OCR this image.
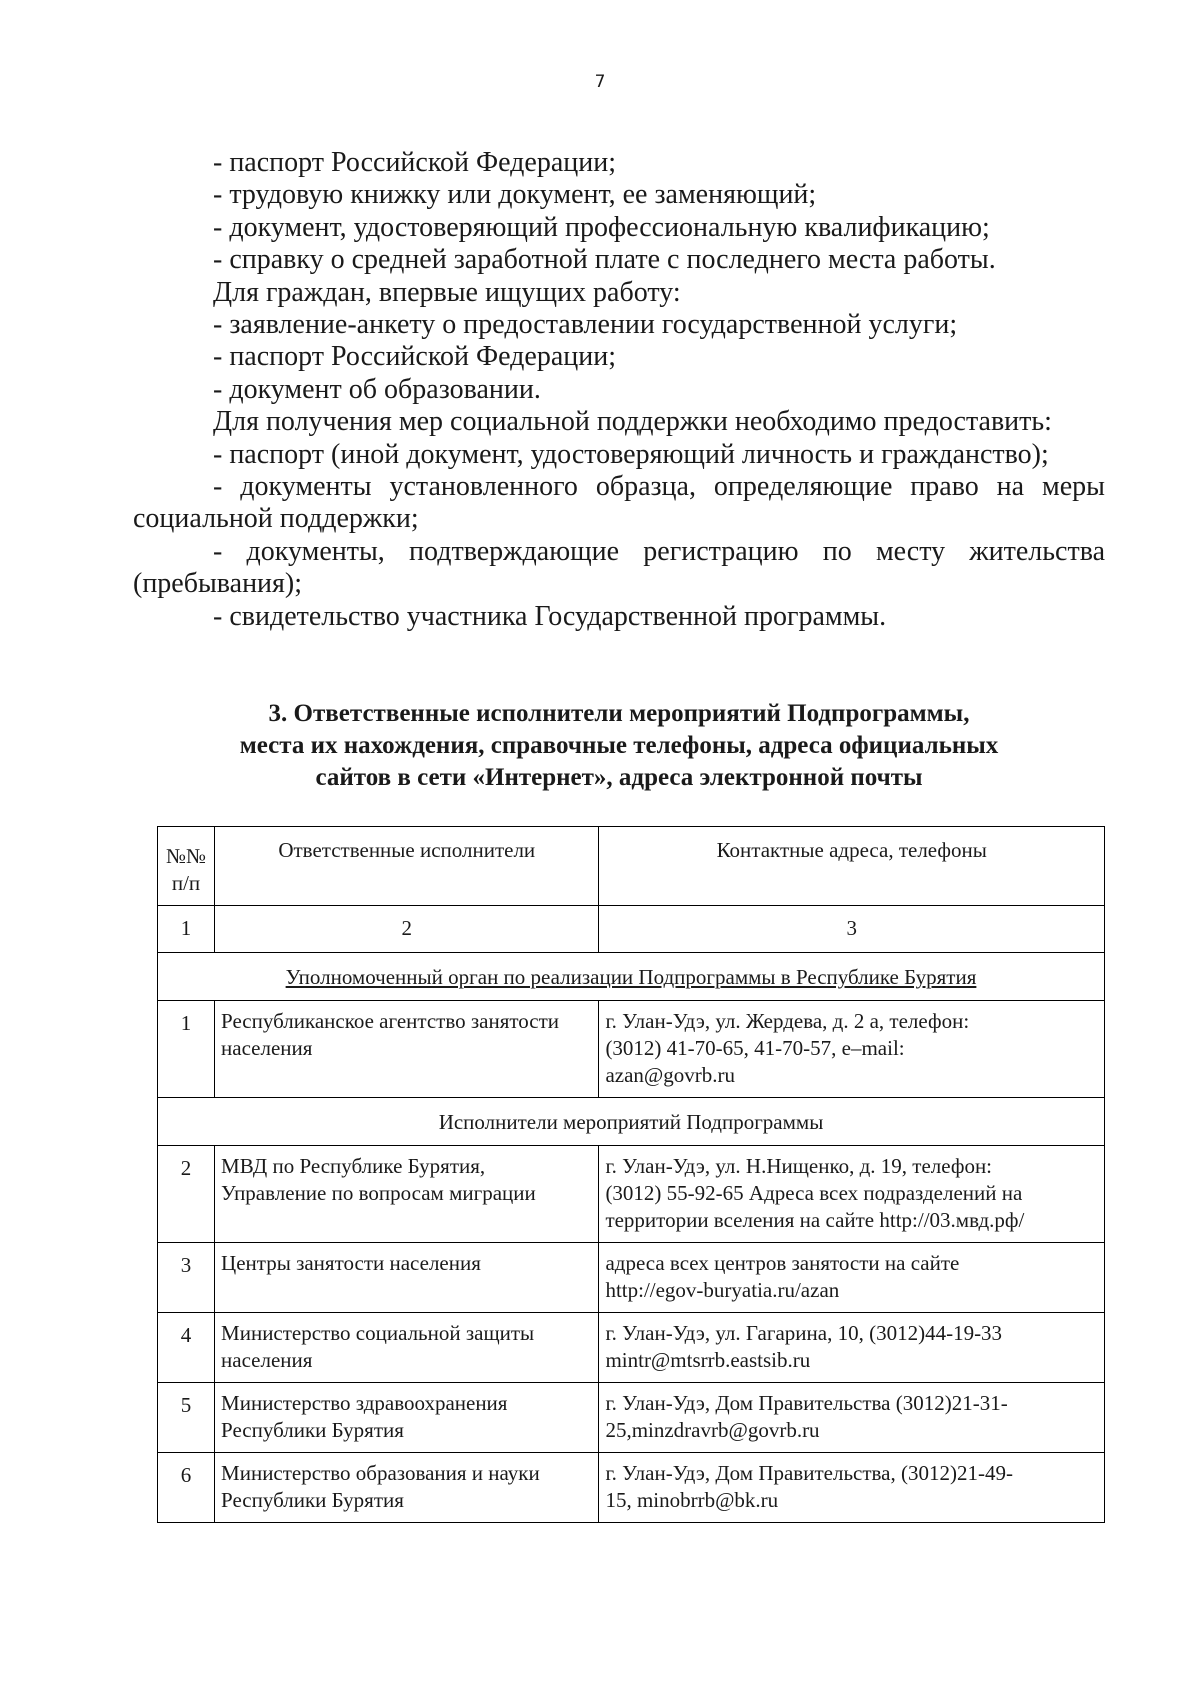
7

- паспорт Российской Федерации;

- трудовую книжку или документ, ее заменяющий;

- документ, удостоверяющий профессиональную квалификацию;

- справку о средней заработной плате с последнего места работы.

Для граждан, впервые ищущих работу:

- заявление-анкету о предоставлении государственной услуги;

- паспорт Российской Федерации;

- документ об образовании.

Для получения мер социальной поддержки необходимо предоставить:

- паспорт (иной документ, удостоверяющий личность и гражданство);

- документы установленного образца, определяющие право на меры социальной поддержки;

- документы, подтверждающие регистрацию по месту жительства (пребывания);

- свидетельство участника Государственной программы.

3. Ответственные исполнители мероприятий Подпрограммы,
места их нахождения, справочные телефоны, адреса официальных
сайтов в сети «Интернет», адреса электронной почты
№№ п/п	Ответственные исполнители	Контактные адреса, телефоны
1	2	3
Уполномоченный орган по реализации Подпрограммы в Республике Бурятия		
1	Республиканское агентство занятости населения	г. Улан-Удэ, ул. Жердева, д. 2 а, телефон:
(3012) 41-70-65, 41-70-57, e–mail:
azan@govrb.ru

Исполнители мероприятий Подпрограммы		
2	МВД по Республике Бурятия, Управление по вопросам миграции	г. Улан-Удэ, ул. Н.Нищенко, д. 19, телефон:
(3012) 55-92-65 Адреса всех подразделений на
территории вселения на сайте http://03.мвд.рф/

3	Центры занятости населения	адреса всех центров занятости на сайте
http://egov-buryatia.ru/azan

4	Министерство социальной защиты населения	г. Улан-Удэ, ул. Гагарина, 10, (3012)44-19-33
mintr@mtsrrb.eastsib.ru

5	Министерство здравоохранения Республики Бурятия	г. Улан-Удэ, Дом Правительства (3012)21-31-
25,minzdravrb@govrb.ru

6	Министерство образования и науки Республики Бурятия	г. Улан-Удэ, Дом Правительства, (3012)21-49-
15, minobrrb@bk.ru
